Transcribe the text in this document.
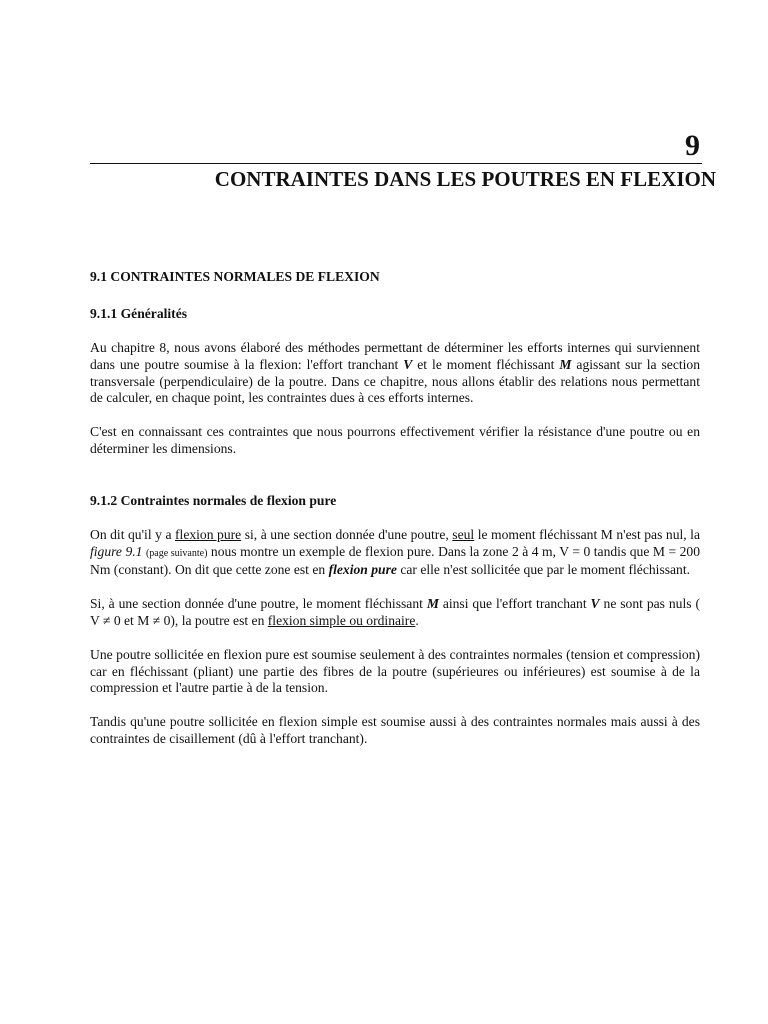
9
CONTRAINTES DANS LES POUTRES EN FLEXION
9.1 CONTRAINTES NORMALES DE FLEXION
9.1.1 Généralités

Au chapitre 8, nous avons élaboré des méthodes permettant de déterminer les efforts internes qui surviennent dans une poutre soumise à la flexion: l'effort tranchant V et le moment fléchissant M agissant sur la section transversale (perpendiculaire) de la poutre. Dans ce chapitre, nous allons établir des relations nous permettant de calculer, en chaque point, les contraintes dues à ces efforts internes.

C'est en connaissant ces contraintes que nous pourrons effectivement vérifier la résistance d'une poutre ou en déterminer les dimensions.

9.1.2 Contraintes normales de flexion pure

On dit qu'il y a flexion pure si, à une section donnée d'une poutre, seul le moment fléchissant M n'est pas nul, la figure 9.1 (page suivante) nous montre un exemple de flexion pure. Dans la zone 2 à 4 m, V = 0 tandis que M = 200 Nm (constant). On dit que cette zone est en flexion pure car elle n'est sollicitée que par le moment fléchissant.

Si, à une section donnée d'une poutre, le moment fléchissant M ainsi que l'effort tranchant V ne sont pas nuls ( V ≠ 0 et M ≠ 0), la poutre est en flexion simple ou ordinaire.

Une poutre sollicitée en flexion pure est soumise seulement à des contraintes normales (tension et compression) car en fléchissant (pliant) une partie des fibres de la poutre (supérieures ou inférieures) est soumise à de la compression et l'autre partie à de la tension.

Tandis qu'une poutre sollicitée en flexion simple est soumise aussi à des contraintes normales mais aussi à des contraintes de cisaillement (dû à l'effort tranchant).
